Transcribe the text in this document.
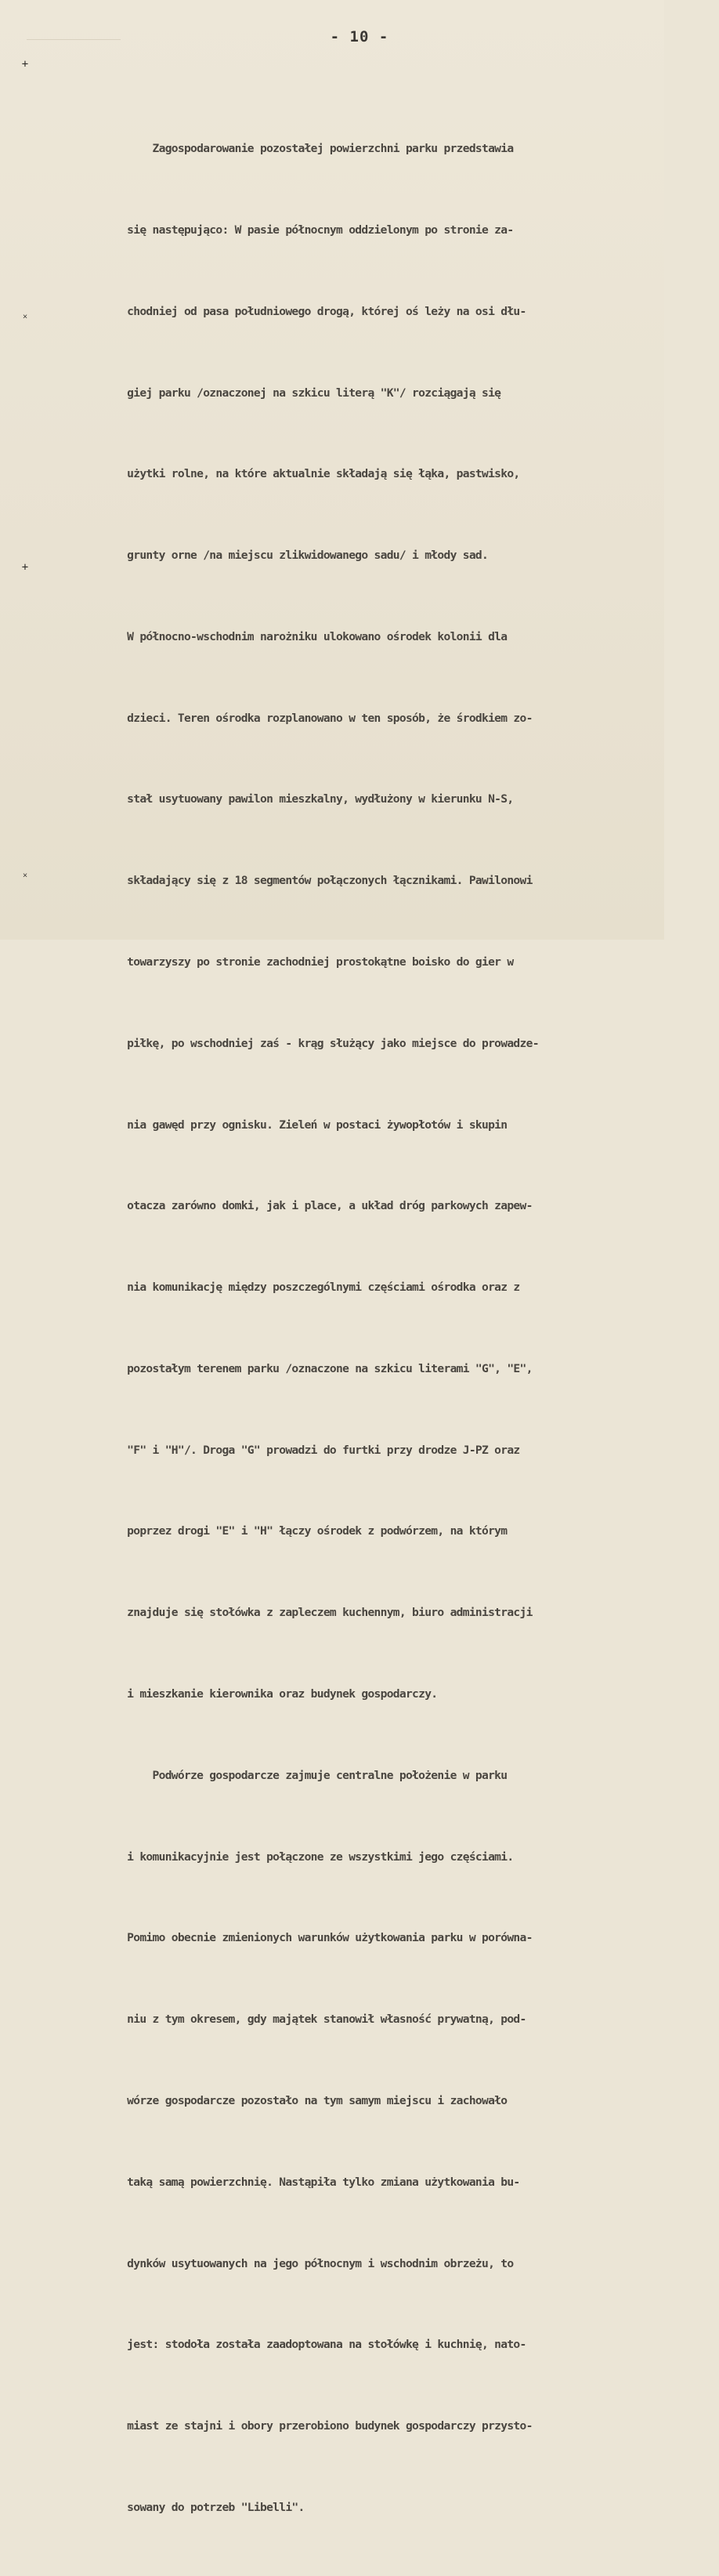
- 10 -
+
˟
+
˟

Zagospodarowanie pozostałej powierzchni parku przedstawia

się następująco: W pasie północnym oddzielonym po stronie za-

chodniej od pasa południowego drogą, której oś leży na osi dłu-

giej parku /oznaczonej na szkicu literą "K"/ rozciągają się

użytki rolne, na które aktualnie składają się łąka, pastwisko,

grunty orne /na miejscu zlikwidowanego sadu/ i młody sad.

W północno-wschodnim narożniku ulokowano ośrodek kolonii dla

dzieci. Teren ośrodka rozplanowano w ten sposób, że środkiem zo-

stał usytuowany pawilon mieszkalny, wydłużony w kierunku N-S,

składający się z 18 segmentów połączonych łącznikami. Pawilonowi

towarzyszy po stronie zachodniej prostokątne boisko do gier w

piłkę, po wschodniej zaś - krąg służący jako miejsce do prowadze-

nia gawęd przy ognisku. Zieleń w postaci żywopłotów i skupin

otacza zarówno domki, jak i place, a układ dróg parkowych zapew-

nia komunikację między poszczególnymi częściami ośrodka oraz z

pozostałym terenem parku /oznaczone na szkicu literami "G", "E",

"F" i "H"/. Droga "G" prowadzi do furtki przy drodze J-PZ oraz

poprzez drogi "E" i "H" łączy ośrodek z podwórzem, na którym

znajduje się stołówka z zapleczem kuchennym, biuro administracji

i mieszkanie kierownika oraz budynek gospodarczy.

Podwórze gospodarcze zajmuje centralne położenie w parku

i komunikacyjnie jest połączone ze wszystkimi jego częściami.

Pomimo obecnie zmienionych warunków użytkowania parku w porówna-

niu z tym okresem, gdy majątek stanowił własność prywatną, pod-

wórze gospodarcze pozostało na tym samym miejscu i zachowało

taką samą powierzchnię. Nastąpiła tylko zmiana użytkowania bu-

dynków usytuowanych na jego północnym i wschodnim obrzeżu, to

jest: stodoła została zaadoptowana na stołówkę i kuchnię, nato-

miast ze stajni i obory przerobiono budynek gospodarczy przysto-

sowany do potrzeb "Libelli".
